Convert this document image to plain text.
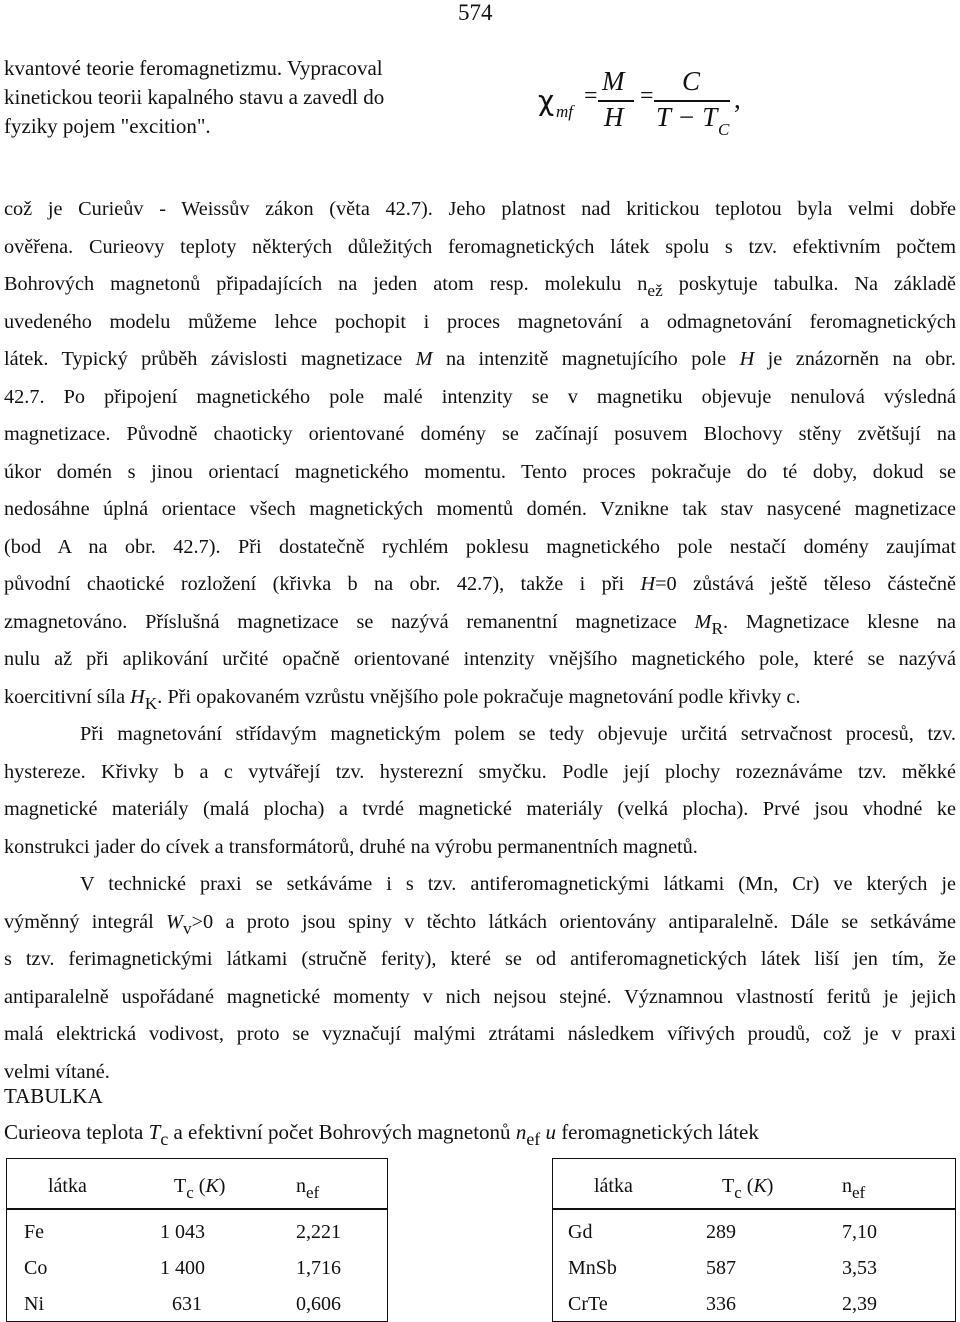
574
kvantové teorie feromagnetizmu. Vypracoval
kinetickou teorii kapalného stavu a zavedl do
fyziky pojem "excition".
χ mf
= M
H
= C
T − T C
,
což je Curieův - Weissův zákon (věta 42.7). Jeho platnost nad kritickou teplotou byla velmi dobře
ověřena. Curieovy teploty některých důležitých feromagnetických látek spolu s tzv. efektivním počtem
Bohrových magnetonů připadajících na jeden atom resp. molekulu $n_{ež}$ poskytuje tabulka. Na základě
uvedeného modelu můžeme lehce pochopit i proces magnetování a odmagnetování feromagnetických
látek. Typický průběh závislosti magnetizace M na intenzitě magnetujícího pole H je znázorněn na obr.
42.7. Po připojení magnetického pole malé intenzity se v magnetiku objevuje nenulová výsledná
magnetizace. Původně chaoticky orientované domény se začínají posuvem Blochovy stěny zvětšují na
úkor domén s jinou orientací magnetického momentu. Tento proces pokračuje do té doby, dokud se
nedosáhne úplná orientace všech magnetických momentů domén. Vznikne tak stav nasycené magnetizace
(bod A na obr. 42.7). Při dostatečně rychlém poklesu magnetického pole nestačí domény zaujímat
původní chaotické rozložení (křivka b na obr. 42.7), takže i při H=0 zůstává ještě těleso částečně
zmagnetováno. Příslušná magnetizace se nazývá remanentní magnetizace $M_R$. Magnetizace klesne na
nulu až při aplikování určité opačně orientované intenzity vnějšího magnetického pole, které se nazývá
koercitivní síla $H_K$. Při opakovaném vzrůstu vnějšího pole pokračuje magnetování podle křivky c.
Při magnetování střídavým magnetickým polem se tedy objevuje určitá setrvačnost procesů, tzv.
hystereze. Křivky b a c vytvářejí tzv. hysterezní smyčku. Podle její plochy rozeznáváme tzv. měkké
magnetické materiály (malá plocha) a tvrdé magnetické materiály (velká plocha). Prvé jsou vhodné ke
konstrukci jader do cívek a transformátorů, druhé na výrobu permanentních magnetů.
V technické praxi se setkáváme i s tzv. antiferomagnetickými látkami (Mn, Cr) ve kterých je
výměnný integrál $W_v>0$ a proto jsou spiny v těchto látkách orientovány antiparalelně. Dále se setkáváme
s tzv. ferimagnetickými látkami (stručně ferity), které se od antiferomagnetických látek liší jen tím, že
antiparalelně uspořádané magnetické momenty v nich nejsou stejné. Významnou vlastností feritů je jejich
malá elektrická vodivost, proto se vyznačují malými ztrátami následkem vířivých proudů, což je v praxi
velmi vítané.
TABULKA
Curieova teplota $T_c$ a efektivní počet Bohrových magnetonů $n_{ef}$ u feromagnetických látek
látka	$T_c$ (K)	$n_{ef}$
Fe	1 043	2,221
Co	1 400	1,716
Ni	631	0,606
látka	$T_c$ (K)	$n_{ef}$
Gd	289	7,10
MnSb	587	3,53
CrTe	336	2,39
